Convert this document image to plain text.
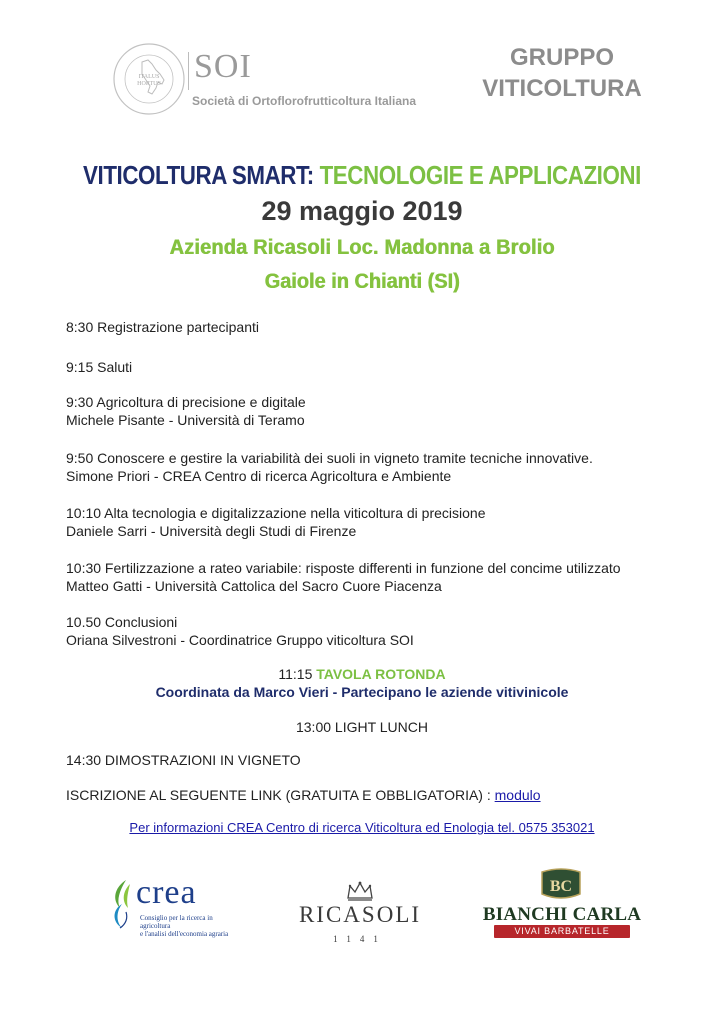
ITALUS
HORTUS SOI
Società di Ortoflorofrutticoltura Italiana
GRUPPO
VITICOLTURA
VITICOLTURA SMART: TECNOLOGIE E APPLICAZIONI
29 maggio 2019
Azienda Ricasoli Loc. Madonna a Brolio
Gaiole in Chianti (SI)
8:30 Registrazione partecipanti
9:15 Saluti
9:30 Agricoltura di precisione e digitale
Michele Pisante - Università di Teramo
9:50 Conoscere e gestire la variabilità dei suoli in vigneto tramite tecniche innovative.
Simone Priori - CREA Centro di ricerca Agricoltura e Ambiente
10:10 Alta tecnologia e digitalizzazione nella viticoltura di precisione
Daniele Sarri - Università degli Studi di Firenze
10:30 Fertilizzazione a rateo variabile: risposte differenti in funzione del concime utilizzato
Matteo Gatti - Università Cattolica del Sacro Cuore Piacenza
10.50 Conclusioni
Oriana Silvestroni - Coordinatrice Gruppo viticoltura SOI
11:15 TAVOLA ROTONDA
Coordinata da Marco Vieri - Partecipano le aziende vitivinicole
13:00 LIGHT LUNCH
14:30 DIMOSTRAZIONI IN VIGNETO
ISCRIZIONE AL SEGUENTE LINK (GRATUITA E OBBLIGATORIA) : modulo
Per informazioni CREA Centro di ricerca Viticoltura ed Enologia tel. 0575 353021
crea
Consiglio per la ricerca in agricoltura
e l'analisi dell'economia agraria
RICASOLI
1141
BC
BIANCHI CARLA
VIVAI BARBATELLE
